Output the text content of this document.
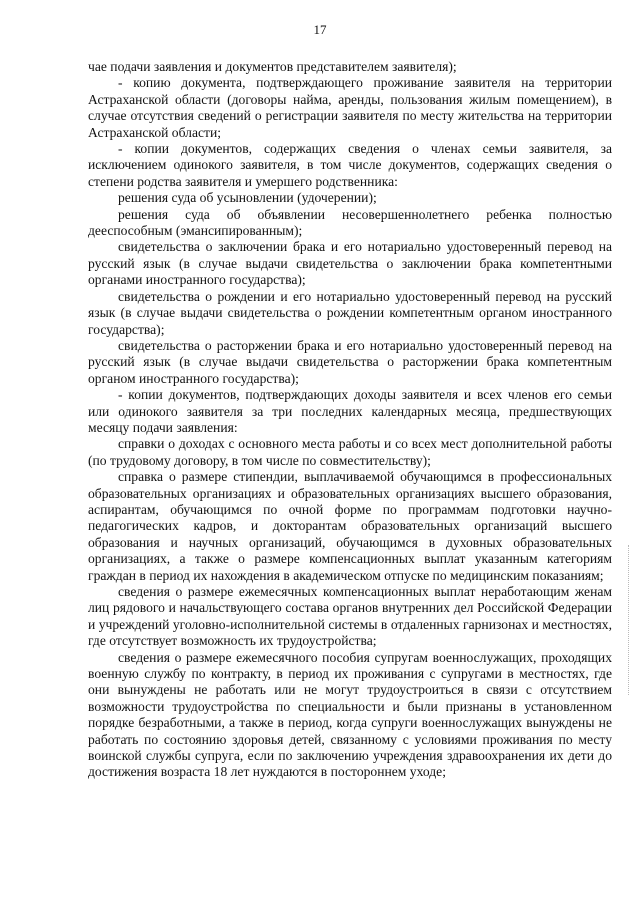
17

чае подачи заявления и документов представителем заявителя);

- копию документа, подтверждающего проживание заявителя на территории Астраханской области (договоры найма, аренды, пользования жилым помещением), в случае отсутствия сведений о регистрации заявителя по месту жительства на территории Астраханской области;

- копии документов, содержащих сведения о членах семьи заявителя, за исключением одинокого заявителя, в том числе документов, содержащих сведения о степени родства заявителя и умершего родственника:

решения суда об усыновлении (удочерении);

решения суда об объявлении несовершеннолетнего ребенка полностью дееспособным (эмансипированным);

свидетельства о заключении брака и его нотариально удостоверенный перевод на русский язык (в случае выдачи свидетельства о заключении брака компетентными органами иностранного государства);

свидетельства о рождении и его нотариально удостоверенный перевод на русский язык (в случае выдачи свидетельства о рождении компетентным органом иностранного государства);

свидетельства о расторжении брака и его нотариально удостоверенный перевод на русский язык (в случае выдачи свидетельства о расторжении брака компетентным органом иностранного государства);

- копии документов, подтверждающих доходы заявителя и всех членов его семьи или одинокого заявителя за три последних календарных месяца, предшествующих месяцу подачи заявления:

справки о доходах с основного места работы и со всех мест дополнительной работы (по трудовому договору, в том числе по совместительству);

справка о размере стипендии, выплачиваемой обучающимся в профессиональных образовательных организациях и образовательных организациях высшего образования, аспирантам, обучающимся по очной форме по программам подготовки научно-педагогических кадров, и докторантам образовательных организаций высшего образования и научных организаций, обучающимся в духовных образовательных организациях, а также о размере компенсационных выплат указанным категориям граждан в период их нахождения в академическом отпуске по медицинским показаниям;

сведения о размере ежемесячных компенсационных выплат неработающим женам лиц рядового и начальствующего состава органов внутренних дел Российской Федерации и учреждений уголовно-исполнительной системы в отдаленных гарнизонах и местностях, где отсутствует возможность их трудоустройства;

сведения о размере ежемесячного пособия супругам военнослужащих, проходящих военную службу по контракту, в период их проживания с супругами в местностях, где они вынуждены не работать или не могут трудоустроиться в связи с отсутствием возможности трудоустройства по специальности и были признаны в установленном порядке безработными, а также в период, когда супруги военнослужащих вынуждены не работать по состоянию здоровья детей, связанному с условиями проживания по месту воинской службы супруга, если по заключению учреждения здравоохранения их дети до достижения возраста 18 лет нуждаются в постороннем уходе;
